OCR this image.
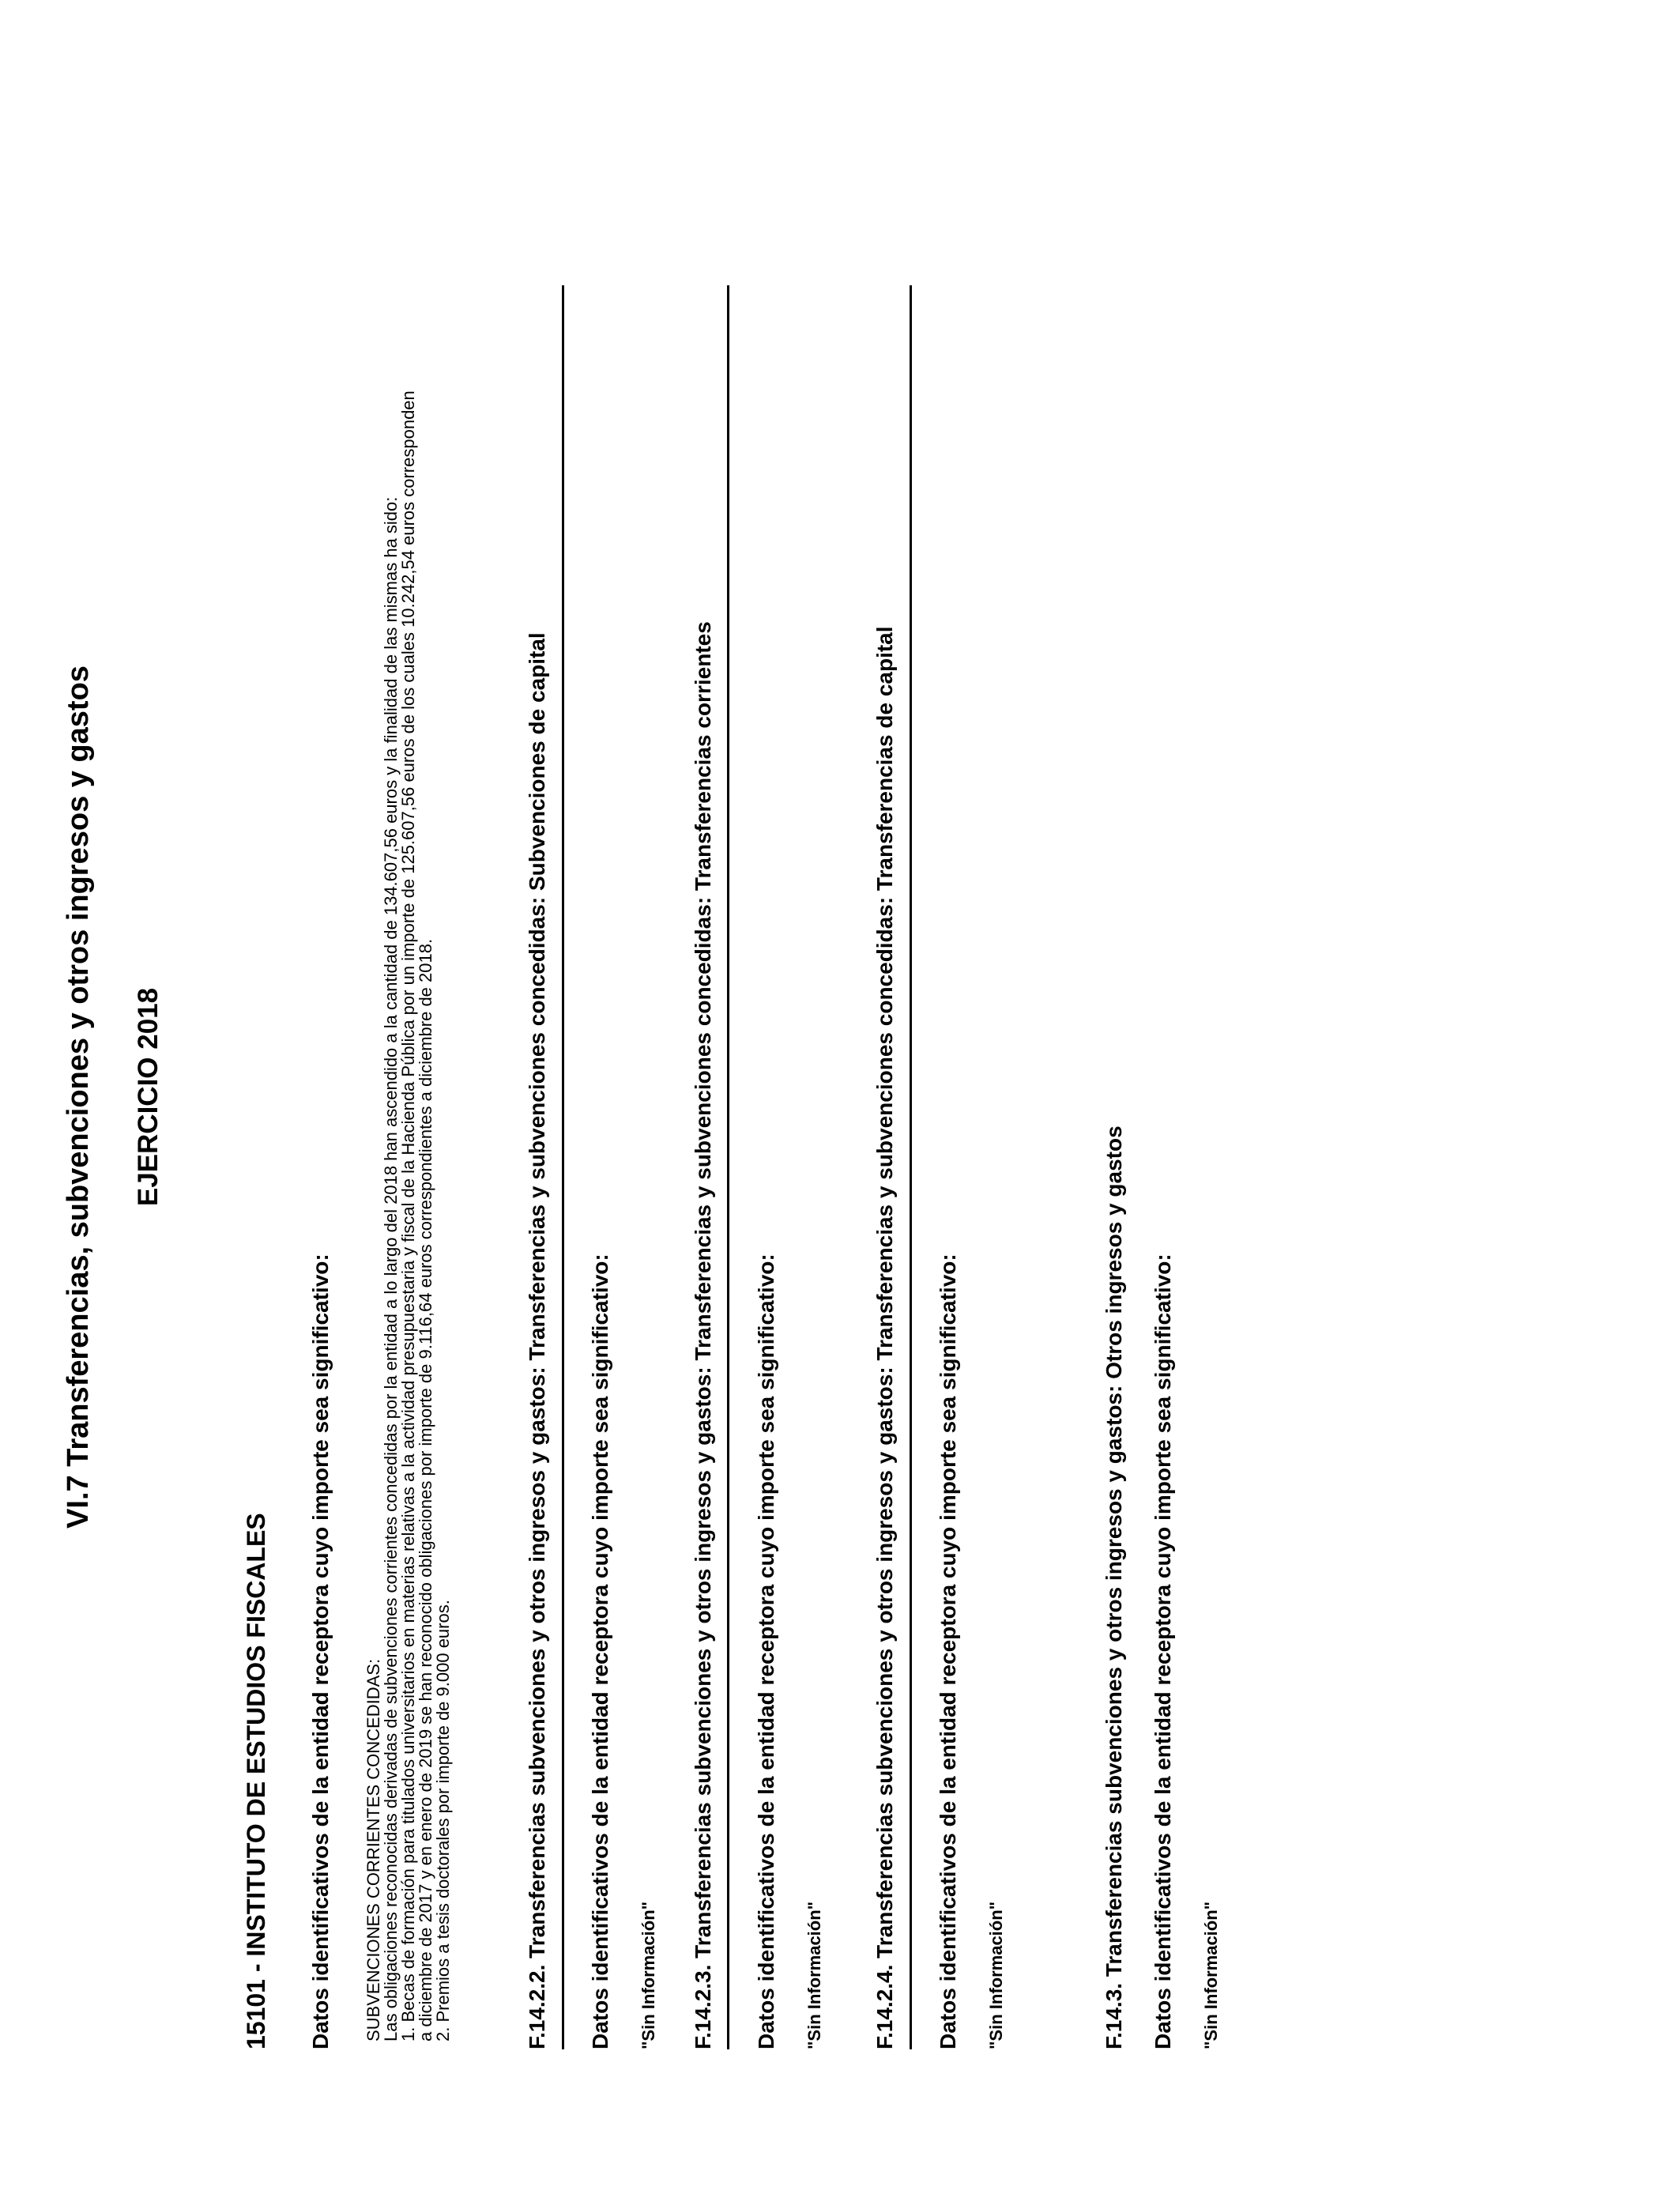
VI.7 Transferencias, subvenciones y otros ingresos y gastos EJERCICIO 2018
15101 - INSTITUTO DE ESTUDIOS FISCALES Datos identificativos de la entidad receptora cuyo importe sea significativo: SUBVENCIONES CORRIENTES CONCEDIDAS:
Las obligaciones reconocidas derivadas de subvenciones corrientes concedidas por la entidad a lo largo del 2018 han ascendido a la cantidad de 134.607,56 euros y la finalidad de las mismas ha sido:
1. Becas de formación para titulados universitarios en materias relativas a la actividad presupuestaria y fiscal de la Hacienda Pública por un importe de 125.607,56 euros de los cuales 10.242,54 euros corresponden
a diciembre de 2017 y en enero de 2019 se han reconocido obligaciones por importe de 9.116,64 euros correspondientes a diciembre de 2018.
2. Premios a tesis doctorales por importe de 9.000 euros.	F.14.2.2. Transferencias subvenciones y otros ingresos y gastos: Transferencias y subvenciones concedidas: Subvenciones de capital Datos identificativos de la entidad receptora cuyo importe sea significativo: "Sin Información" F.14.2.3. Transferencias subvenciones y otros ingresos y gastos: Transferencias y subvenciones concedidas: Transferencias corrientes Datos identificativos de la entidad receptora cuyo importe sea significativo: "Sin Información" F.14.2.4. Transferencias subvenciones y otros ingresos y gastos: Transferencias y subvenciones concedidas: Transferencias de capital Datos identificativos de la entidad receptora cuyo importe sea significativo: "Sin Información"	F.14.3. Transferencias subvenciones y otros ingresos y gastos: Otros ingresos y gastos Datos identificativos de la entidad receptora cuyo importe sea significativo: "Sin Información"
